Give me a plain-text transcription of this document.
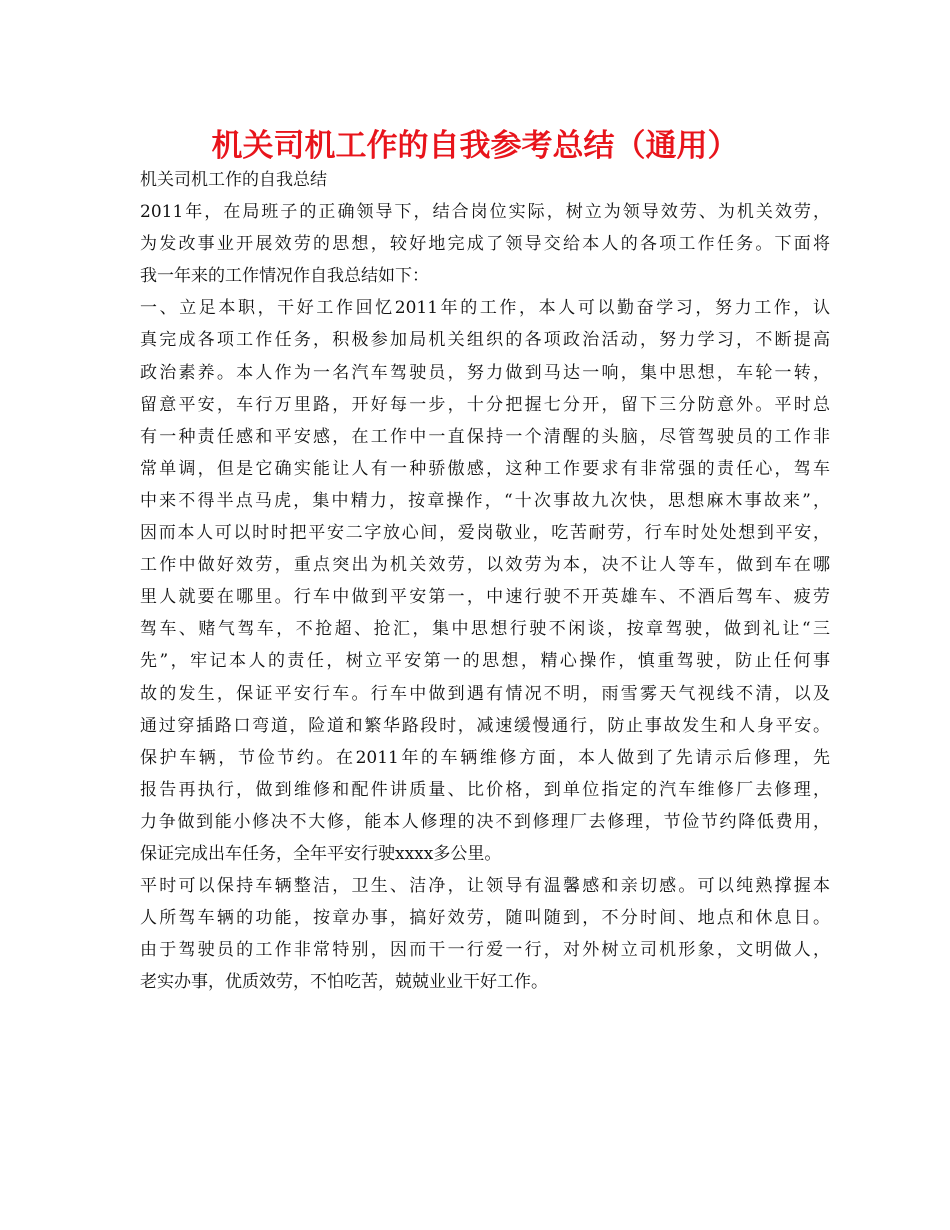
机关司机工作的自我参考总结（通用）
机关司机工作的自我总结
2011年，在局班子的正确领导下，结合岗位实际，树立为领导效劳、为机关效劳，
为发改事业开展效劳的思想，较好地完成了领导交给本人的各项工作任务。下面将
我一年来的工作情况作自我总结如下：
一、立足本职，干好工作回忆2011年的工作，本人可以勤奋学习，努力工作，认
真完成各项工作任务，积极参加局机关组织的各项政治活动，努力学习，不断提高
政治素养。本人作为一名汽车驾驶员，努力做到马达一响，集中思想，车轮一转，
留意平安，车行万里路，开好每一步，十分把握七分开，留下三分防意外。平时总
有一种责任感和平安感，在工作中一直保持一个清醒的头脑，尽管驾驶员的工作非
常单调，但是它确实能让人有一种骄傲感，这种工作要求有非常强的责任心，驾车
中来不得半点马虎，集中精力，按章操作，“十次事故九次快，思想麻木事故来”，
因而本人可以时时把平安二字放心间，爱岗敬业，吃苦耐劳，行车时处处想到平安，
工作中做好效劳，重点突出为机关效劳，以效劳为本，决不让人等车，做到车在哪
里人就要在哪里。行车中做到平安第一，中速行驶不开英雄车、不酒后驾车、疲劳
驾车、赌气驾车，不抢超、抢汇，集中思想行驶不闲谈，按章驾驶，做到礼让“三
先”，牢记本人的责任，树立平安第一的思想，精心操作，慎重驾驶，防止任何事
故的发生，保证平安行车。行车中做到遇有情况不明，雨雪雾天气视线不清，以及
通过穿插路口弯道，险道和繁华路段时，减速缓慢通行，防止事故发生和人身平安。
保护车辆，节俭节约。在2011年的车辆维修方面，本人做到了先请示后修理，先
报告再执行，做到维修和配件讲质量、比价格，到单位指定的汽车维修厂去修理，
力争做到能小修决不大修，能本人修理的决不到修理厂去修理，节俭节约降低费用，
保证完成出车任务，全年平安行驶xxxx多公里。
平时可以保持车辆整洁，卫生、洁净，让领导有温馨感和亲切感。可以纯熟撑握本
人所驾车辆的功能，按章办事，搞好效劳，随叫随到，不分时间、地点和休息日。
由于驾驶员的工作非常特别，因而干一行爱一行，对外树立司机形象，文明做人，
老实办事，优质效劳，不怕吃苦，兢兢业业干好工作。
